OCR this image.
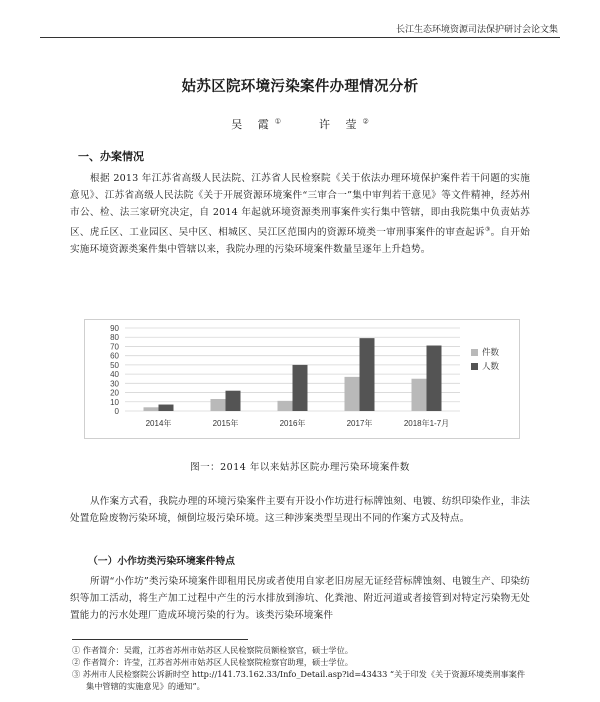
长江生态环境资源司法保护研讨会论文集
姑苏区院环境污染案件办理情况分析
吴 霞①	许 莹②
一、办案情况

根据 2013 年江苏省高级人民法院、江苏省人民检察院《关于依法办理环境保护案件若干问题的实施意见》、江苏省高级人民法院《关于开展资源环境案件“三审合一”集中审判若干意见》等文件精神，经苏州市公、检、法三家研究决定，自 2014 年起就环境资源类刑事案件实行集中管辖，即由我院集中负责姑苏区、虎丘区、工业园区、吴中区、相城区、吴江区范围内的资源环境类一审刑事案件的审查起诉③。自开始实施环境资源类案件集中管辖以来，我院办理的污染环境案件数量呈逐年上升趋势。

0
10
20
30
40
50
60
70
80
90
2014年	2015年	2016年	2017年	2018年1-7月
件数
人数
图一：2014 年以来姑苏区院办理污染环境案件数

从作案方式看，我院办理的环境污染案件主要有开设小作坊进行标牌蚀刻、电镀、纺织印染作业，非法处置危险废物污染环境，倾倒垃圾污染环境。这三种涉案类型呈现出不同的作案方式及特点。

（一）小作坊类污染环境案件特点

所谓“小作坊”类污染环境案件即租用民房或者使用自家老旧房屋无证经营标牌蚀刻、电镀生产、印染纺织等加工活动，将生产加工过程中产生的污水排放到渗坑、化粪池、附近河道或者接管到对特定污染物无处置能力的污水处理厂造成环境污染的行为。该类污染环境案件

① 作者简介：吴霞，江苏省苏州市姑苏区人民检察院员额检察官，硕士学位。

② 作者简介：许莹，江苏省苏州市姑苏区人民检察院检察官助理，硕士学位。

③ 苏州市人民检察院公诉新时空 http://141.73.162.33/Info_Detail.asp?id=43433 “关于印发《关于资源环境类刑事案件集中管辖的实施意见》的通知”。
